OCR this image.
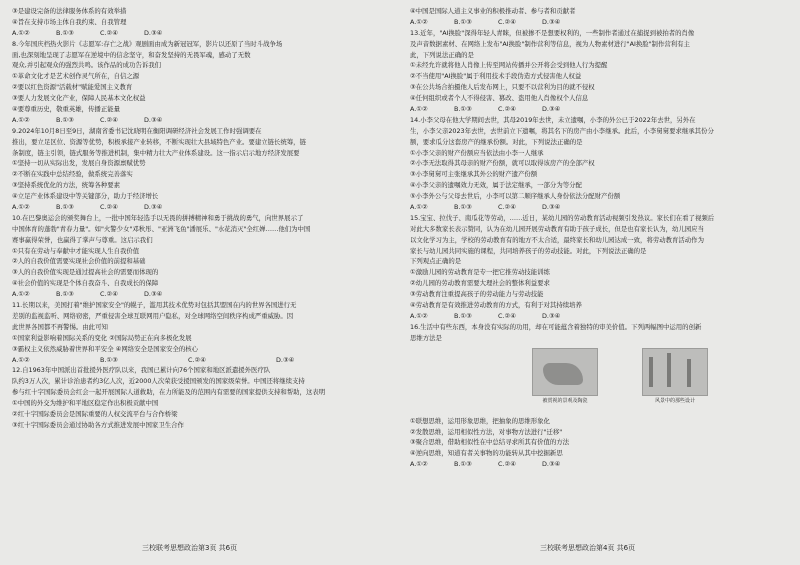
③是建设完备的法律服务体系的有效举措
④旨在支持市场主体自我约束、自我管理
A.①②	B.①③	C.②④	D.③④
8.今年国庆档热火影片《志愿军:存亡之战》观剧面由成为新冠冠军，影片以还原了当时斗战争场
面,也深刻地呈现了志愿军在逆境中的信念坚守，和奋发坚持的无畏军魂，感动了无数
观众,并引起观众的强烈共鸣。该作品的成功告诉我们
①革命文化才是艺术创作灵气所在，自信之源
②要以红色资源"活载材"赋能爱国主义教育
③要人力发展文化产业，保障人民基本文化权益
④要尊重历史，敬重英雄，传播正能量
A.①②	B.①③	C.②④	D.③④
9.2024年10月8日至9日，湖南省委书记沈晓明在衡阳调研经济社会发展工作时强调要在
推出，要立足区位、资源等优势，积极承接产业转移，不断实现壮大县域特色产业。要建立链长统筹，链
条制度，链主引领，链式服务等推进机制，集中精力壮大产业体系建设。这一指示启示地方经济发展要
①坚持一切从实际出发，发展自身资源禀赋优势
②不断在实践中总结经验，做系统完善落实
③坚持系统优化的方法，统筹各种要素
④立足产业体系建设中等关键部分，助力于经济增长
A.①②	B.①③	C.②④	D.③④
10.在巴黎奥运会的颁奖舞台上，一批中国年轻选手以无畏的拼搏精神和勇于挑战的勇气，向世界展示了
中国体育的蓬勃"青春力量"。如"火警少女"邓秋彤、"亚洲飞鱼"潘展乐、"水花消灭"全红婵……他们为中国
赛事赢得荣誉，也赢得了掌声与尊重。这启示我们
①只有在劳动与奉献中才能实现人生自我价值
②人的自我价值需要实现社会价值的前提和基础
③人的自我价值实现是通过提高社会的需要而体现的
④社会价值的实现是个体自我奋斗、自我成长的保障
A.①②	B.①③	C.②④	D.③④
11.长期以来，美国打着"维护国家安全"的幌子，滥用其技术优势对包括其盟国在内的世界各国进行无
差别的监视监听、网络窃密，严重侵害全球互联网用户隐私，对全球网络空间秩序构成严重威胁。因
此世界各国都不再警惕。由此可知
①国家利益影响着国际关系的变化 ②国际局势正在向多极化发展
③霸权主义依然威胁着世界和平安全 ④网络安全是国家安全的核心
A.①②	B.①③	C.②④	D.③④
12.自1963年中国派出首批援外医疗队以来，我国已累计向76个国家和地区派遣援外医疗队
队约3万人次，累计诊治患者约3亿人次，近2000人次荣获受援国颁发的国家级荣誉。中国还将继续支持
参与红十字国际委员会红会一起开展国际人道救助，在力所能及的范围内有需要的国家提供支持和帮助，这表明
①中国的外交为维护和平地区稳定作出积极贡献中国
②红十字国际委员会是国际重要的人权交流平台与合作桥梁
③红十字国际委员会通过协助各方式推进发展中国家卫生合作
三校联考思想政治第3页 共6页
④中国是国际人道主义事业的积极推动者、参与者和贡献者
A.①②	B.①③	C.②④	D.③④
13.近年，"AI换脸"深得年轻人青睐，但被掺不是想要权利的，一些制作者通过在捕捉到被拍者的肖像
及声音数据素材、在网络上发布"AI换脸"制作营利等信息，视为人物素材进行"AI换脸"制作营利有主
此，下列说法正确的是
①未经允许就将他人肖像上传至网站传播并公开将会受到他人行为提醒
②不当使用"AI换脸"属于利用技术手段伪造方式侵害他人权益
③在公共场合拍摄他人后发布网上，只要不以营利为目的就不侵权
④任何组织或者个人不得侵害、篡改、盗用他人肖像权个人信息
A.①②	B.①③	C.②④	D.③④
14.小李父母在他大学期间去世，其母2019年去世，未立遗嘱，小李的外公已于2022年去世，另外在
生，小李父亲2023年去世，去世前立下遗嘱，将其名下的房产由小李继承。此后，小李舅舅要求继承其份分
额，要求瓜分这套房产的继承份额。对此，下列说法正确的是
①小李父亲的财产份额应当依法由小李一人继承
②小李无法取得其母亲的财产份额，就可以取得该房产的全部产权
③小李舅舅可主张继承其外公的财产遗产份额
④小李父亲的遗嘱效力无效，属于法定继承，一部分为等分配
⑤小李外公与父母去世后，小李可以第二顺序继承人身份依法分配财产份额
A.①②	B.①③	C.②④	D.③④
15.宝宝、拉伐子、南瓜花等劳动，……近日，某幼儿园的劳动教育活动视频引发热议。家长们在看了视频后
对此大多数家长表示赞同，认为在幼儿园开展劳动教育有助于孩子成长，但是也有家长认为，幼儿园应当
以文化学习为主，学校的劳动教育有的地方不太合适，最终家长和幼儿园达成一致，将劳动教育活动作为
家长与幼儿园共同实施的课程，共同培养孩子的劳动技能。对此，下列说法正确的是
下列观点正确的是
①激励儿园的劳动教育是专一把它推劳动技能训练
②幼儿园的劳动教育需要大理社会的整体利益要求
③劳动教育注重提高孩子的劳动能力与劳动技能
④劳动教育是有效推进劳动教育的方式，有利于对其持续培养
A.①②	B.①③	C.②④	D.③④
16.生活中有些东西，本身没有实际的功用，却在可能蕴含着独特的审美价值。下列两幅图中运用的创新
思维方法是
被赏视的景观及陶瓷	风景中的那些设计
①联想思维，运用形象思维，把抽象的思维形象化
②发散思维，运用相似性方法，对事物方法进行"迁移"
③聚合思维，借助相似性在中总结寻求所其有价值的方法
④逆向思维，知道有者关事物的功能转从其中挖掘新思
A.①②	B.①③	C.②④	D.③④
三校联考思想政治第4页 共6页
